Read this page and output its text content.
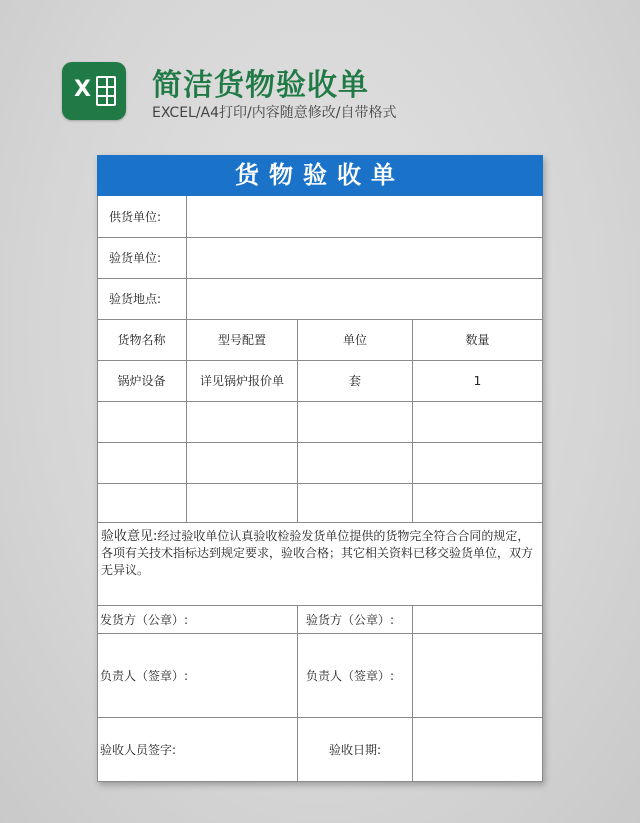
X 简洁货物验收单
EXCEL/A4打印/内容随意修改/自带格式
货物验收单
供货单位:
验货单位:
验货地点:
货物名称	型号配置	单位	数量
锅炉设备	详见锅炉报价单	套	1
验收意见:经过验收单位认真验收检验发货单位提供的货物完全符合合同的规定，各项有关技术指标达到规定要求，验收合格；其它相关资料已移交验货单位，双方无异议。
发货方（公章）:	验货方（公章）:
负责人（签章）:	负责人（签章）:
验收人员签字:	验收日期:
